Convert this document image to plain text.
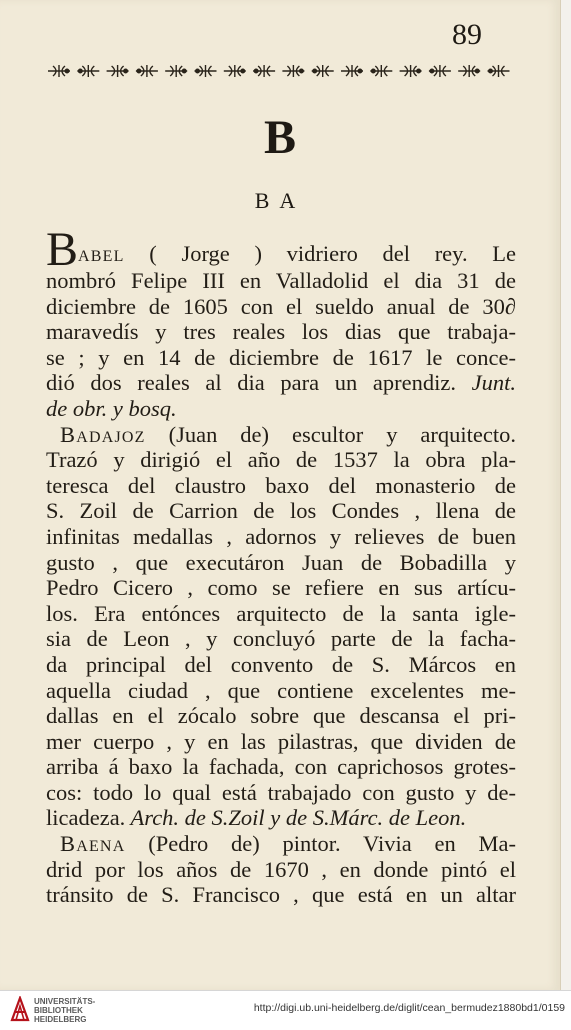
89
B
BA
Babel ( Jorge ) vidriero del rey. Le
nombró Felipe III en Valladolid el dia 31 de
diciembre de 1605 con el sueldo anual de 30∂
maravedís y tres reales los dias que trabaja-
se ; y en 14 de diciembre de 1617 le conce-
dió dos reales al dia para un aprendiz. Junt.
de obr. y bosq.
Badajoz (Juan de) escultor y arquitecto.
Trazó y dirigió el año de 1537 la obra pla-
teresca del claustro baxo del monasterio de
S. Zoil de Carrion de los Condes , llena de
infinitas medallas , adornos y relieves de buen
gusto , que executáron Juan de Bobadilla y
Pedro Cicero , como se refiere en sus artícu-
los. Era entónces arquitecto de la santa igle-
sia de Leon , y concluyó parte de la facha-
da principal del convento de S. Márcos en
aquella ciudad , que contiene excelentes me-
dallas en el zócalo sobre que descansa el pri-
mer cuerpo , y en las pilastras, que dividen de
arriba á baxo la fachada, con caprichosos grotes-
cos: todo lo qual está trabajado con gusto y de-
licadeza. Arch. de S.Zoil y de S.Márc. de Leon.
Baena (Pedro de) pintor. Vivia en Ma-
drid por los años de 1670 , en donde pintó el
tránsito de S. Francisco , que está en un altar
UNIVERSITÄTS-
BIBLIOTHEK
HEIDELBERG
http://digi.ub.uni-heidelberg.de/diglit/cean_bermudez1880bd1/0159
